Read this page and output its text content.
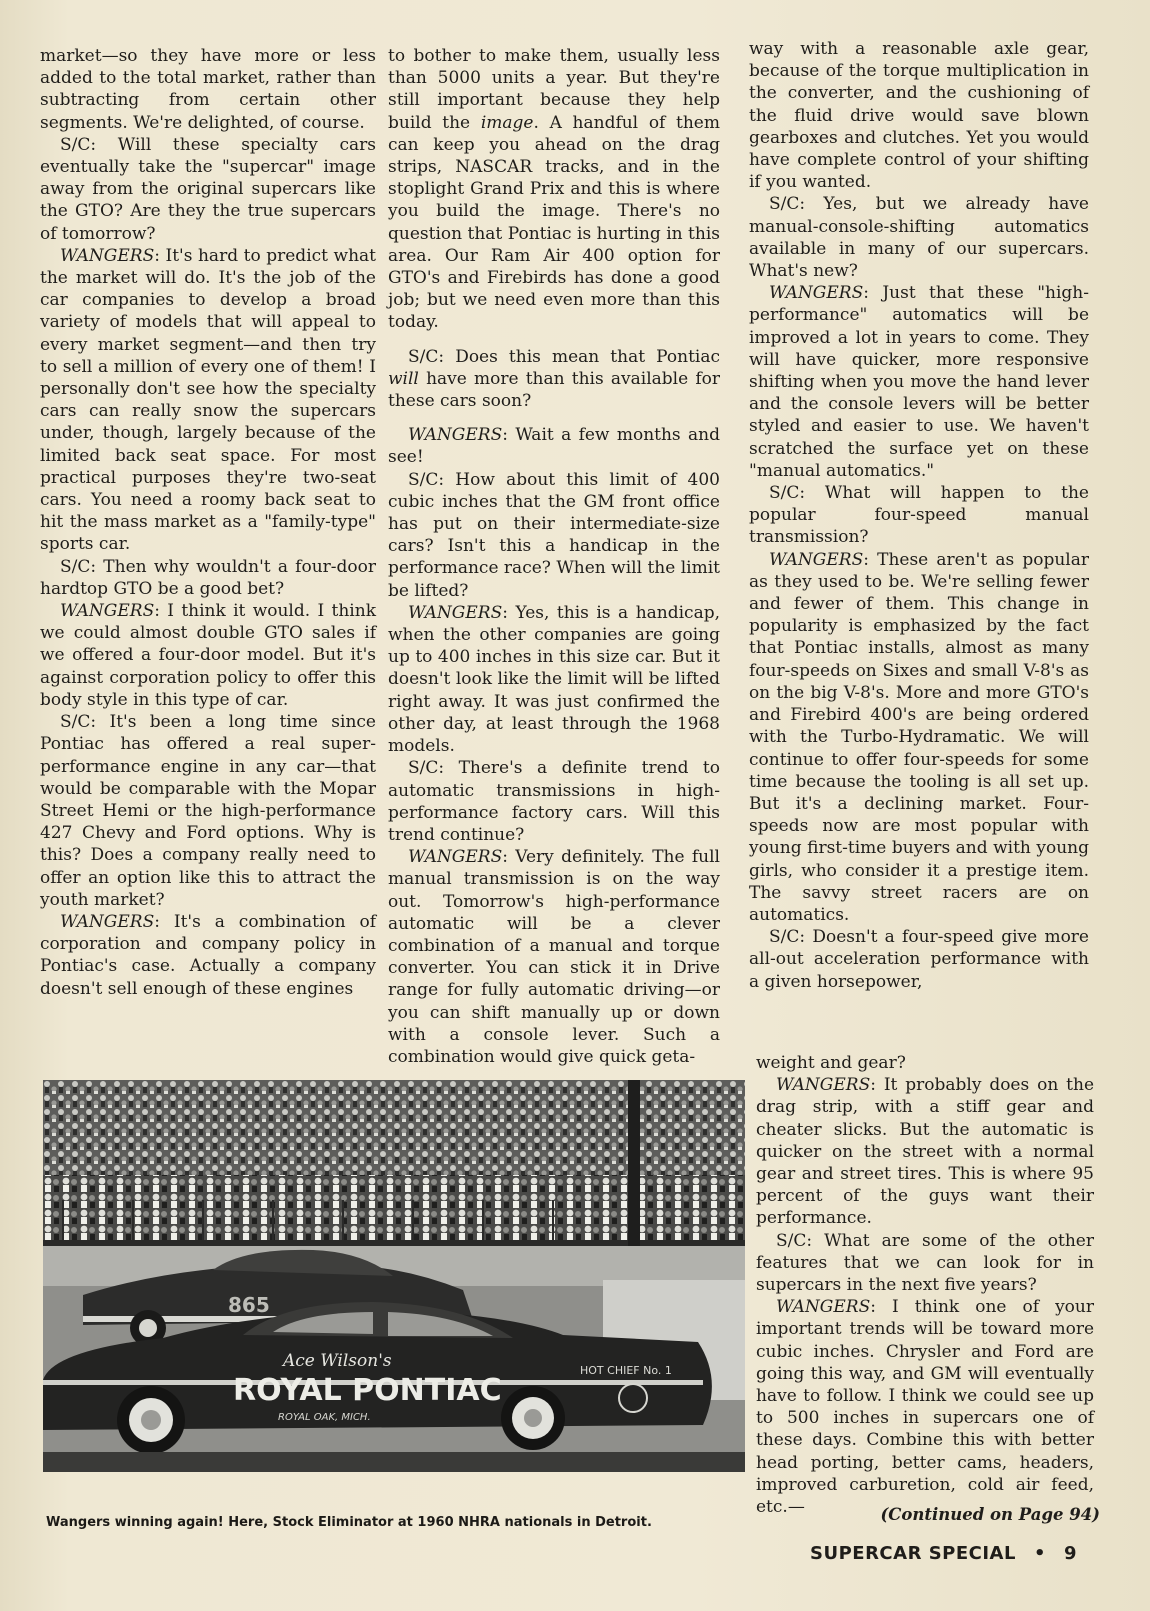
market—so they have more or less added to the total market, rather than subtracting from certain other segments. We're delighted, of course.

S/C: Will these specialty cars eventually take the "supercar" image away from the original supercars like the GTO? Are they the true supercars of tomorrow?

WANGERS: It's hard to predict what the market will do. It's the job of the car companies to develop a broad variety of models that will appeal to every market segment—and then try to sell a million of every one of them! I personally don't see how the specialty cars can really snow the supercars under, though, largely because of the limited back seat space. For most practical purposes they're two-seat cars. You need a roomy back seat to hit the mass market as a "family-type" sports car.

S/C: Then why wouldn't a four-door hardtop GTO be a good bet?

WANGERS: I think it would. I think we could almost double GTO sales if we offered a four-door model. But it's against corporation policy to offer this body style in this type of car.

S/C: It's been a long time since Pontiac has offered a real super-performance engine in any car—that would be comparable with the Mopar Street Hemi or the high-performance 427 Chevy and Ford options. Why is this? Does a company really need to offer an option like this to attract the youth market?

WANGERS: It's a combination of corporation and company policy in Pontiac's case. Actually a company doesn't sell enough of these engines

to bother to make them, usually less than 5000 units a year. But they're still important because they help build the image. A handful of them can keep you ahead on the drag strips, NASCAR tracks, and in the stoplight Grand Prix and this is where you build the image. There's no question that Pontiac is hurting in this area. Our Ram Air 400 option for GTO's and Firebirds has done a good job; but we need even more than this today.

S/C: Does this mean that Pontiac will have more than this available for these cars soon?

WANGERS: Wait a few months and see!

S/C: How about this limit of 400 cubic inches that the GM front office has put on their intermediate-size cars? Isn't this a handicap in the performance race? When will the limit be lifted?

WANGERS: Yes, this is a handicap, when the other companies are going up to 400 inches in this size car. But it doesn't look like the limit will be lifted right away. It was just confirmed the other day, at least through the 1968 models.

S/C: There's a definite trend to automatic transmissions in high-performance factory cars. Will this trend continue?

WANGERS: Very definitely. The full manual transmission is on the way out. Tomorrow's high-performance automatic will be a clever combination of a manual and torque converter. You can stick it in Drive range for fully automatic driving—or you can shift manually up or down with a console lever. Such a combination would give quick geta-

way with a reasonable axle gear, because of the torque multiplication in the converter, and the cushioning of the fluid drive would save blown gearboxes and clutches. Yet you would have complete control of your shifting if you wanted.

S/C: Yes, but we already have manual-console-shifting automatics available in many of our supercars. What's new?

WANGERS: Just that these "high-performance" automatics will be improved a lot in years to come. They will have quicker, more responsive shifting when you move the hand lever and the console levers will be better styled and easier to use. We haven't scratched the surface yet on these "manual automatics."

S/C: What will happen to the popular four-speed manual transmission?

WANGERS: These aren't as popular as they used to be. We're selling fewer and fewer of them. This change in popularity is emphasized by the fact that Pontiac installs, almost as many four-speeds on Sixes and small V-8's as on the big V-8's. More and more GTO's and Firebird 400's are being ordered with the Turbo-Hydramatic. We will continue to offer four-speeds for some time because the tooling is all set up. But it's a declining market. Four-speeds now are most popular with young first-time buyers and with young girls, who consider it a prestige item. The savvy street racers are on automatics.

S/C: Doesn't a four-speed give more all-out acceleration performance with a given horsepower,

weight and gear?

WANGERS: It probably does on the drag strip, with a stiff gear and cheater slicks. But the automatic is quicker on the street with a normal gear and street tires. This is where 95 percent of the guys want their performance.

S/C: What are some of the other features that we can look for in supercars in the next five years?

WANGERS: I think one of your important trends will be toward more cubic inches. Chrysler and Ford are going this way, and GM will eventually have to follow. I think we could see up to 500 inches in supercars one of these days. Combine this with better head porting, better cams, headers, improved carburetion, cold air feed, etc.—

865
Ace Wilson's
ROYAL PONTIAC
ROYAL OAK, MICH.
HOT CHIEF No. 1
Wangers winning again! Here, Stock Eliminator at 1960 NHRA nationals in Detroit.	(Continued on Page 94)
SUPERCAR SPECIAL • 9
